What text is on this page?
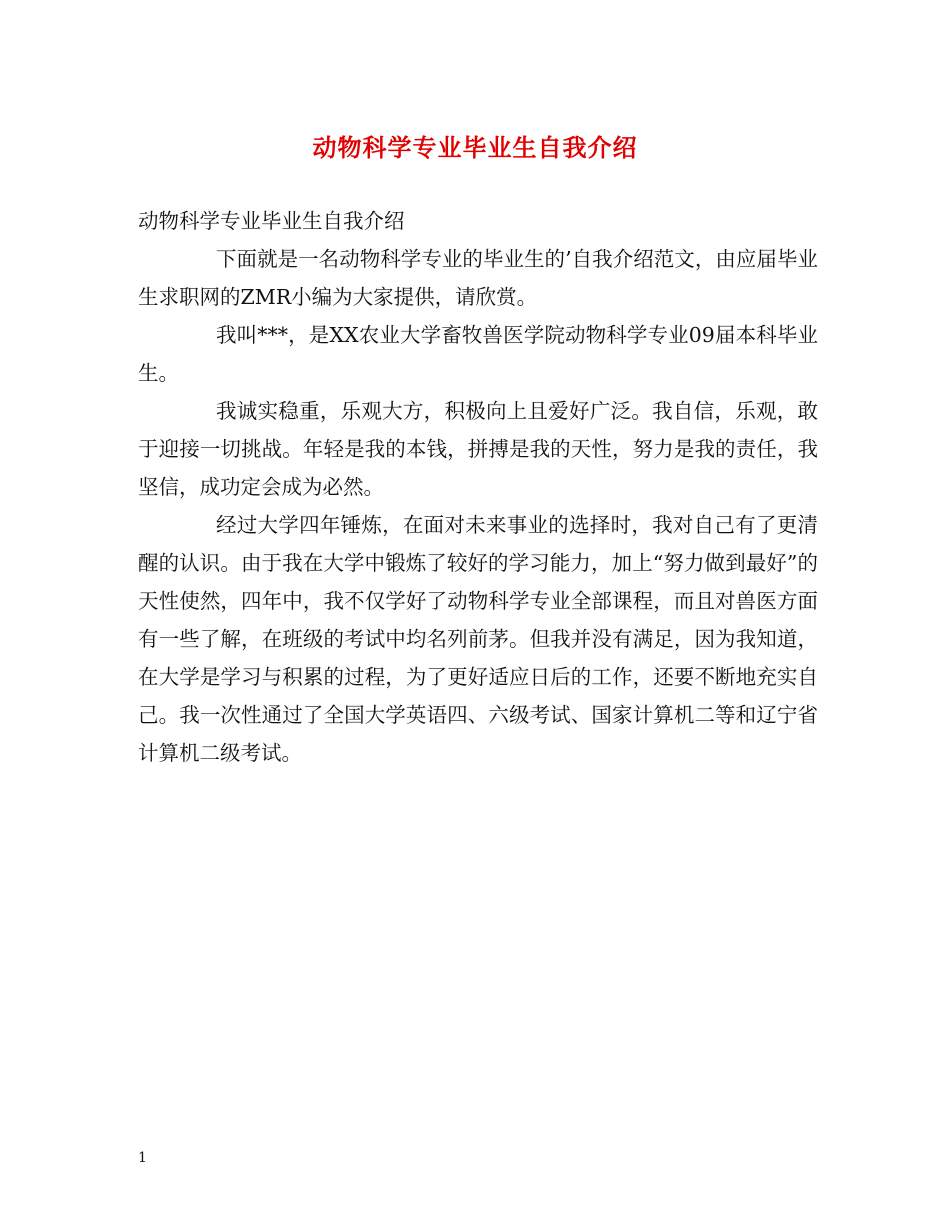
动物科学专业毕业生自我介绍

动物科学专业毕业生自我介绍

下面就是一名动物科学专业的毕业生的’自我介绍范文，由应届毕业生求职网的ZMR小编为大家提供，请欣赏。

我叫***，是XX农业大学畜牧兽医学院动物科学专业09届本科毕业生。

我诚实稳重，乐观大方，积极向上且爱好广泛。我自信，乐观，敢于迎接一切挑战。年轻是我的本钱，拼搏是我的天性，努力是我的责任，我坚信，成功定会成为必然。

经过大学四年锤炼，在面对未来事业的选择时，我对自己有了更清醒的认识。由于我在大学中锻炼了较好的学习能力，加上“努力做到最好”的天性使然，四年中，我不仅学好了动物科学专业全部课程，而且对兽医方面有一些了解，在班级的考试中均名列前茅。但我并没有满足，因为我知道，在大学是学习与积累的过程，为了更好适应日后的工作，还要不断地充实自己。我一次性通过了全国大学英语四、六级考试、国家计算机二等和辽宁省计算机二级考试。

1
